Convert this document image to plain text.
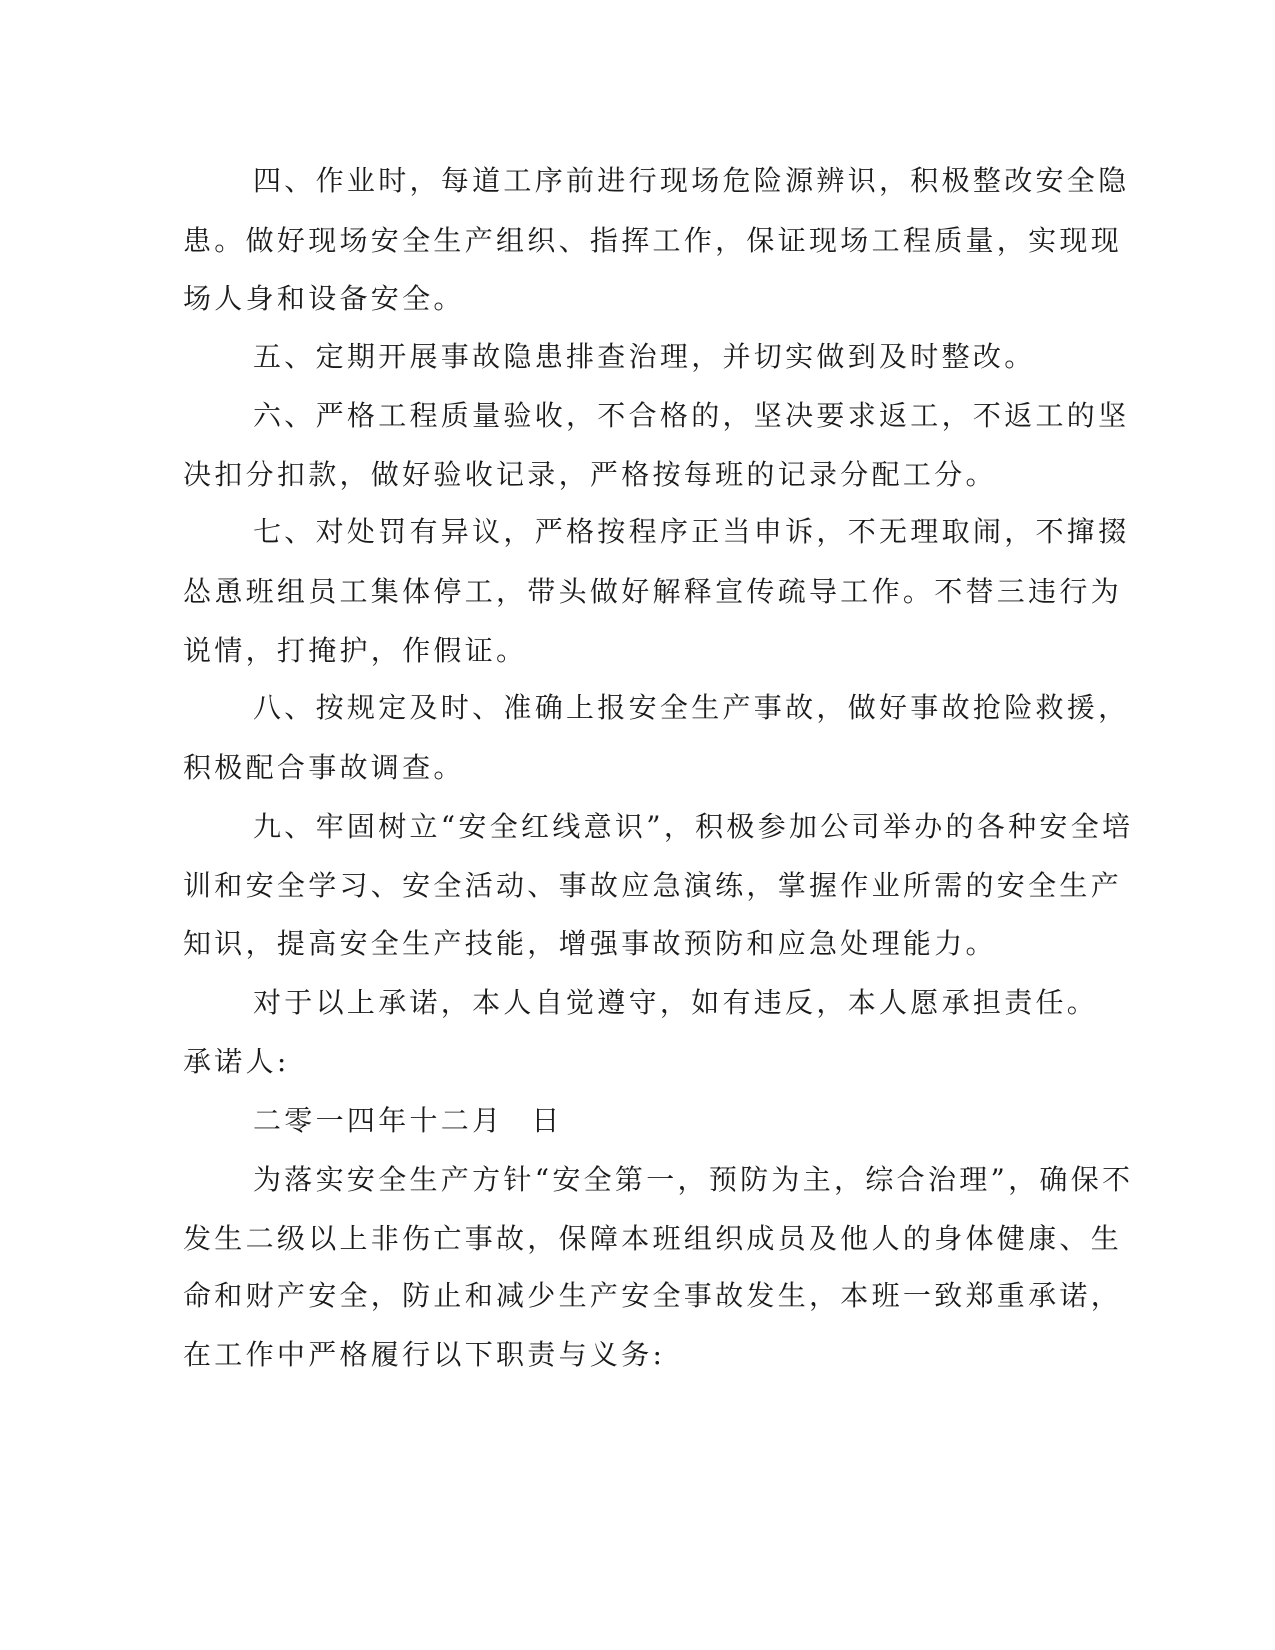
四、作业时，每道工序前进行现场危险源辨识，积极整改安全隐
患。做好现场安全生产组织、指挥工作，保证现场工程质量，实现现
场人身和设备安全。
五、定期开展事故隐患排查治理，并切实做到及时整改。
六、严格工程质量验收，不合格的，坚决要求返工，不返工的坚
决扣分扣款，做好验收记录，严格按每班的记录分配工分。
七、对处罚有异议，严格按程序正当申诉，不无理取闹，不撺掇
怂恿班组员工集体停工，带头做好解释宣传疏导工作。不替三违行为
说情，打掩护，作假证。
八、按规定及时、准确上报安全生产事故，做好事故抢险救援，
积极配合事故调查。
九、牢固树立“安全红线意识”，积极参加公司举办的各种安全培
训和安全学习、安全活动、事故应急演练，掌握作业所需的安全生产
知识，提高安全生产技能，增强事故预防和应急处理能力。
对于以上承诺，本人自觉遵守，如有违反，本人愿承担责任。
承诺人:
二零一四年十二月 日
为落实安全生产方针“安全第一，预防为主，综合治理”，确保不
发生二级以上非伤亡事故，保障本班组织成员及他人的身体健康、生
命和财产安全，防止和减少生产安全事故发生，本班一致郑重承诺，
在工作中严格履行以下职责与义务:
